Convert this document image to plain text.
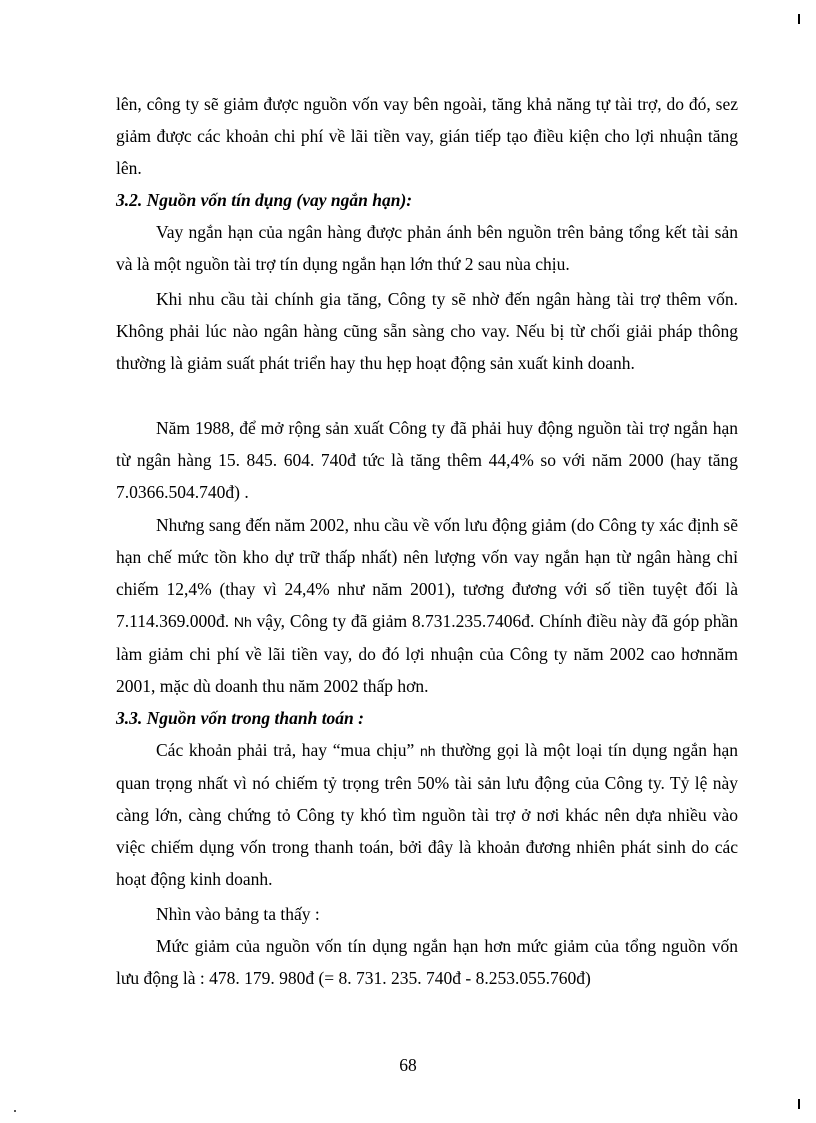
lên, công ty sẽ giảm được nguồn vốn vay bên ngoài, tăng khả năng tự tài trợ, do đó, sez giảm được các khoản chi phí về lãi tiền vay, gián tiếp tạo điều kiện cho lợi nhuận tăng lên.

3.2. Nguồn vốn tín dụng (vay ngắn hạn):

Vay ngắn hạn của ngân hàng được phản ánh bên nguồn trên bảng tổng kết tài sản và là một nguồn tài trợ tín dụng ngắn hạn lớn thứ 2 sau nùa chịu.

Khi nhu cầu tài chính gia tăng, Công ty sẽ nhờ đến ngân hàng tài trợ thêm vốn. Không phải lúc nào ngân hàng cũng sẵn sàng cho vay. Nếu bị từ chối giải pháp thông thường là giảm suất phát triển hay thu hẹp hoạt động sản xuất kinh doanh.

Năm 1988, để mở rộng sản xuất Công ty đã phải huy động nguồn tài trợ ngắn hạn từ ngân hàng 15. 845. 604. 740đ tức là tăng thêm 44,4% so với năm 2000 (hay tăng 7.0366.504.740đ) .

Nhưng sang đến năm 2002, nhu cầu về vốn lưu động giảm (do Công ty xác định sẽ hạn chế mức tồn kho dự trữ thấp nhất) nên lượng vốn vay ngắn hạn từ ngân hàng chỉ chiếm 12,4% (thay vì 24,4% như năm 2001), tương đương với số tiền tuyệt đối là 7.114.369.000đ. Nh vậy, Công ty đã giảm 8.731.235.7406đ. Chính điều này đã góp phần làm giảm chi phí về lãi tiền vay, do đó lợi nhuận của Công ty năm 2002 cao hơnnăm 2001, mặc dù doanh thu năm 2002 thấp hơn.

3.3. Nguồn vốn trong thanh toán :

Các khoản phải trả, hay “mua chịu” nh thường gọi là một loại tín dụng ngắn hạn quan trọng nhất vì nó chiếm tỷ trọng trên 50% tài sản lưu động của Công ty. Tỷ lệ này càng lớn, càng chứng tỏ Công ty khó tìm nguồn tài trợ ở nơi khác nên dựa nhiều vào việc chiếm dụng vốn trong thanh toán, bởi đây là khoản đương nhiên phát sinh do các hoạt động kinh doanh.

Nhìn vào bảng ta thấy :

Mức giảm của nguồn vốn tín dụng ngắn hạn hơn mức giảm của tổng nguồn vốn lưu động là : 478. 179. 980đ (= 8. 731. 235. 740đ - 8.253.055.760đ)

68
